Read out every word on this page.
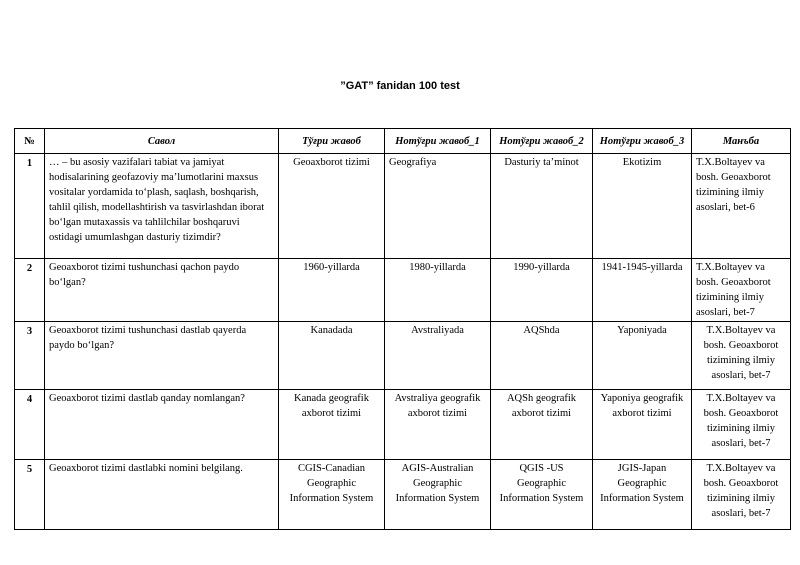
”GAT” fanidan 100 test
№	Савол	Тўғри жавоб	Нотўғри жавоб_1	Нотўғри жавоб_2	Нотўғри жавоб_3	Манъба
1	… – bu asosiy vazifalari tabiat va jamiyat hodisalarining geofazoviy ma’lumotlarini maxsus vositalar yordamida to‘plash, saqlash, boshqarish, tahlil qilish, modellashtirish va tasvirlashdan iborat bo‘lgan mutaxassis va tahlilchilar boshqaruvi ostidagi umumlashgan dasturiy tizimdir?	Geoaxborot tizimi	Geografiya	Dasturiy ta’minot	Ekotizim	T.X.Boltayev va bosh. Geoaxborot tizimining ilmiy asoslari, bet-6
2	Geoaxborot tizimi tushunchasi qachon paydo bo‘lgan?	1960-yillarda	1980-yillarda	1990-yillarda	1941-1945-yillarda	T.X.Boltayev va bosh. Geoaxborot tizimining ilmiy asoslari, bet-7
3	Geoaxborot tizimi tushunchasi dastlab qayerda paydo bo‘lgan?	Kanadada	Avstraliyada	AQShda	Yaponiyada	T.X.Boltayev va bosh. Geoaxborot tizimining ilmiy asoslari, bet-7
4	Geoaxborot tizimi dastlab qanday nomlangan?	Kanada geografik axborot tizimi	Avstraliya geografik axborot tizimi	AQSh geografik axborot tizimi	Yaponiya geografik axborot tizimi	T.X.Boltayev va bosh. Geoaxborot tizimining ilmiy asoslari, bet-7
5	Geoaxborot tizimi dastlabki nomini belgilang.	CGIS-Canadian Geographic Information System	AGIS-Australian Geographic Information System	QGIS -US Geographic Information System	JGIS-Japan Geographic Information System	T.X.Boltayev va bosh. Geoaxborot tizimining ilmiy asoslari, bet-7
